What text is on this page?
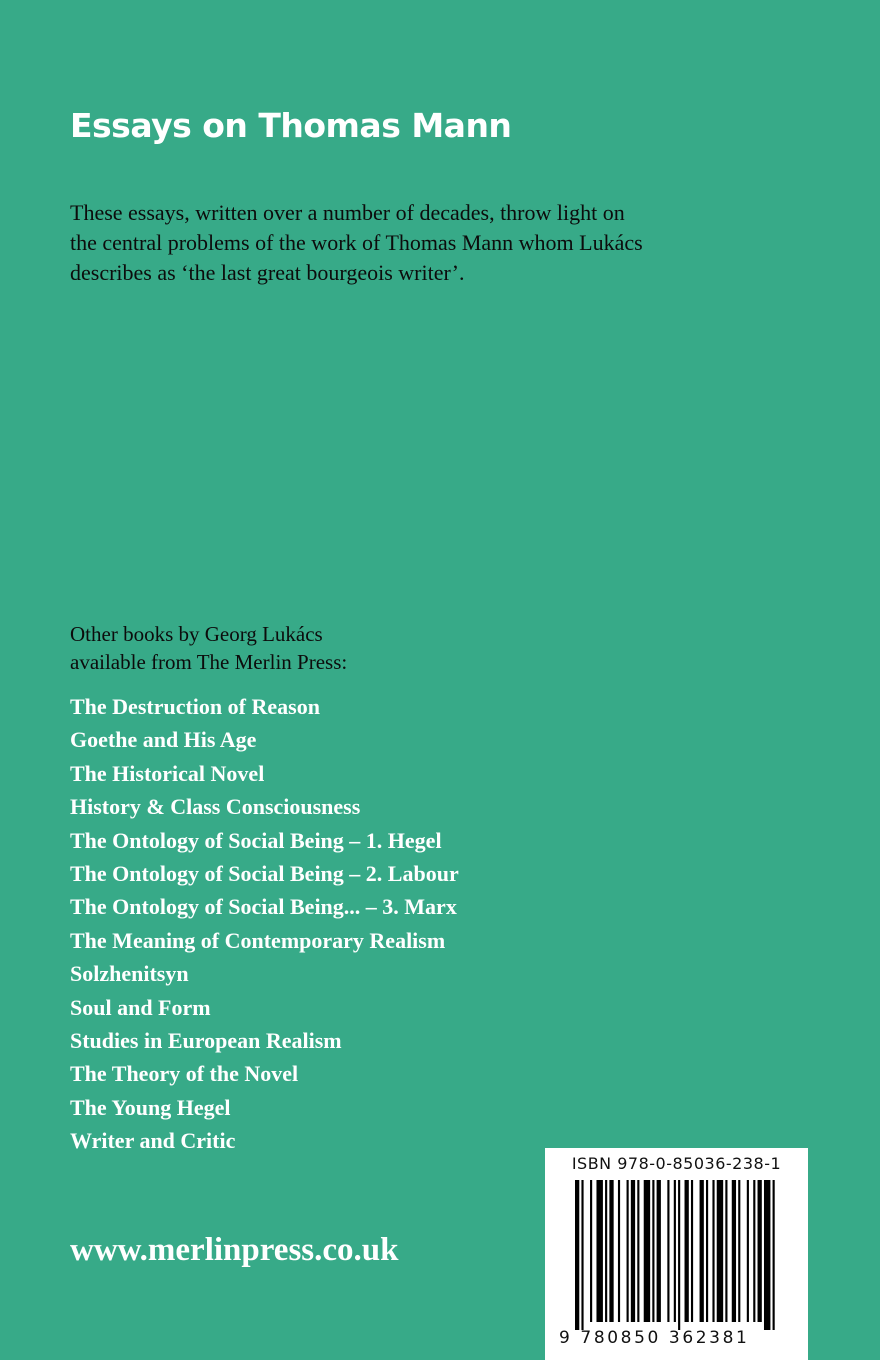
Essays on Thomas Mann
These essays, written over a number of decades, throw light on
the central problems of the work of Thomas Mann whom Lukács
describes as ‘the last great bourgeois writer’.
Other books by Georg Lukács
available from The Merlin Press:
The Destruction of Reason
Goethe and His Age
The Historical Novel
History & Class Consciousness
The Ontology of Social Being – 1. Hegel
The Ontology of Social Being – 2. Labour
The Ontology of Social Being... – 3. Marx
The Meaning of Contemporary Realism
Solzhenitsyn
Soul and Form
Studies in European Realism
The Theory of the Novel
The Young Hegel
Writer and Critic
www.merlinpress.co.uk
ISBN 978-0-85036-238-1
9 780850 362381
